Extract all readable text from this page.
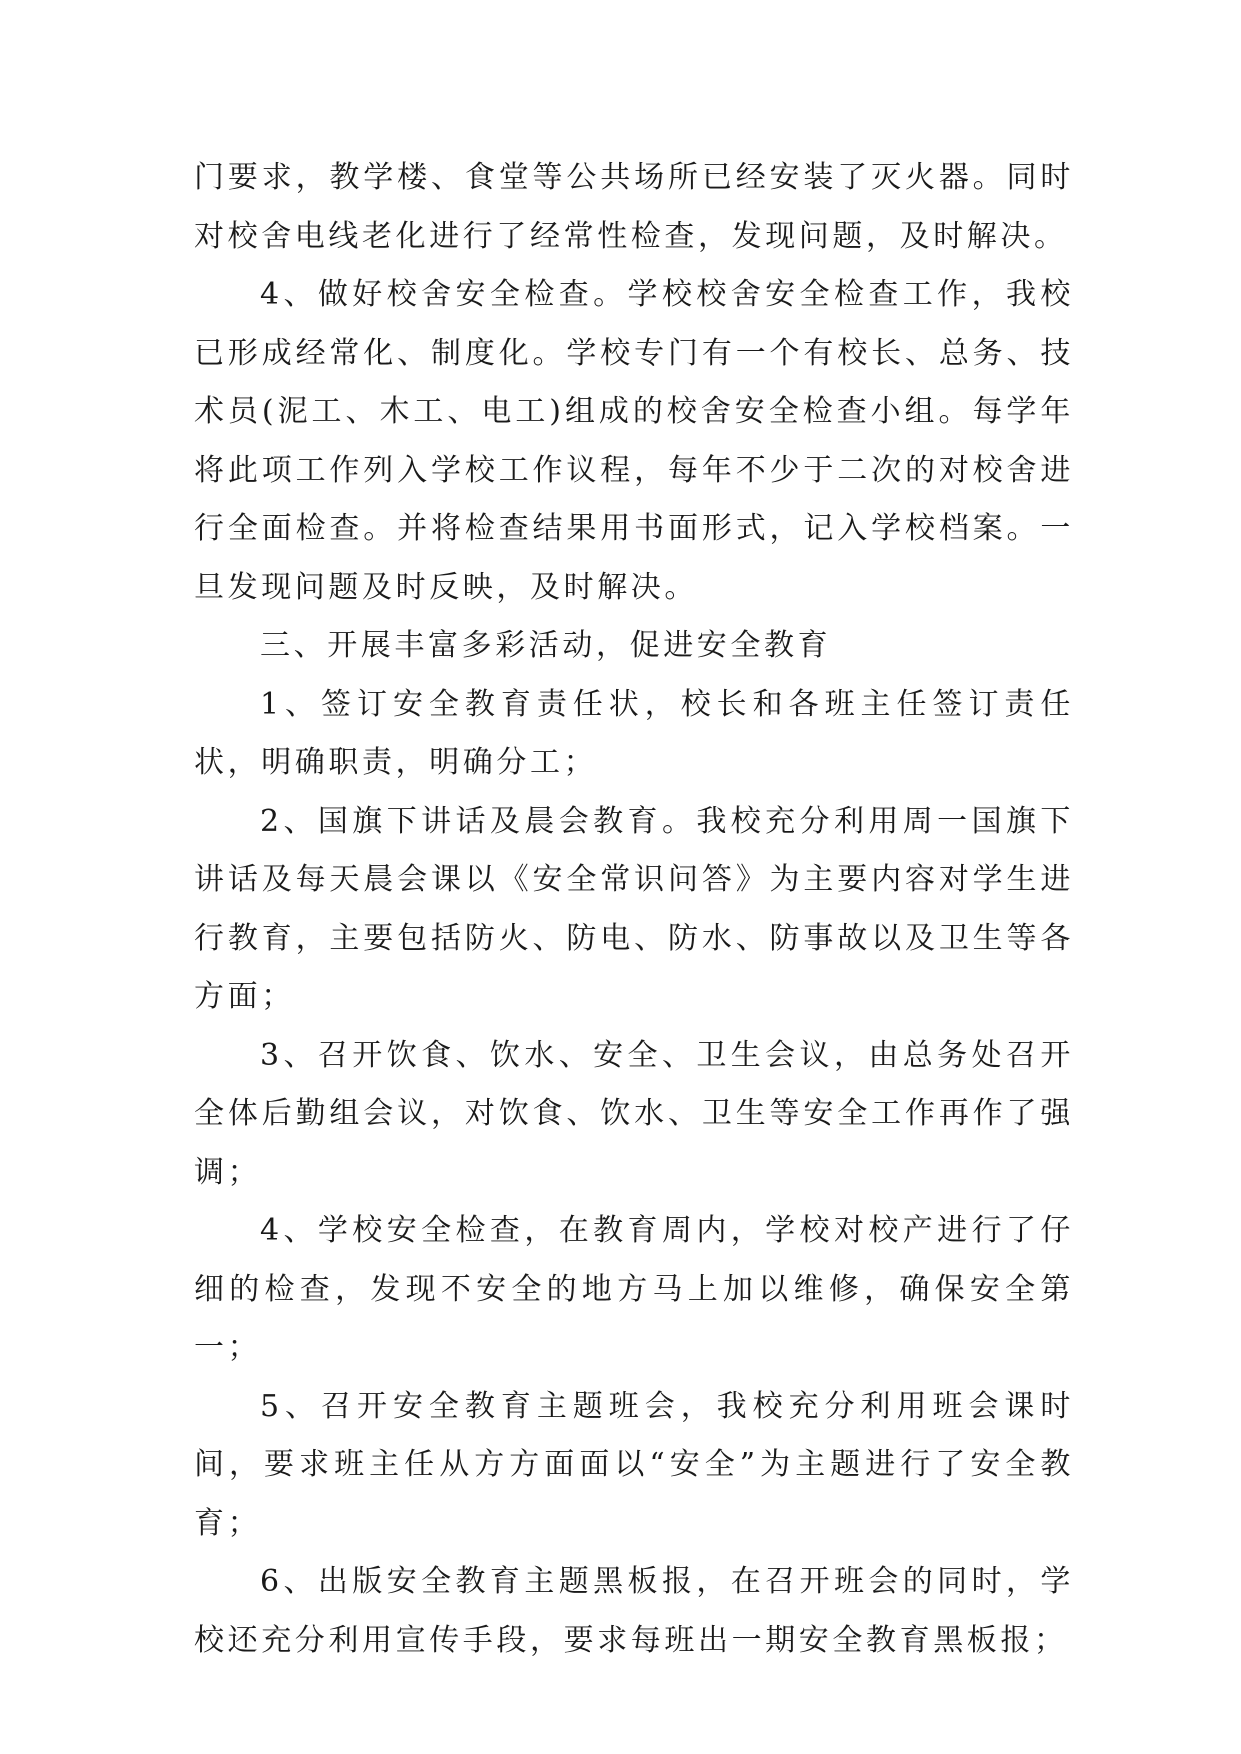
门要求，教学楼、食堂等公共场所已经安装了灭火器。同时对校舍电线老化进行了经常性检查，发现问题，及时解决。

4、做好校舍安全检查。学校校舍安全检查工作，我校已形成经常化、制度化。学校专门有一个有校长、总务、技术员(泥工、木工、电工)组成的校舍安全检查小组。每学年将此项工作列入学校工作议程，每年不少于二次的对校舍进行全面检查。并将检查结果用书面形式，记入学校档案。一旦发现问题及时反映，及时解决。

三、开展丰富多彩活动，促进安全教育

1、签订安全教育责任状，校长和各班主任签订责任状，明确职责，明确分工；

2、国旗下讲话及晨会教育。我校充分利用周一国旗下讲话及每天晨会课以《安全常识问答》为主要内容对学生进行教育，主要包括防火、防电、防水、防事故以及卫生等各方面；

3、召开饮食、饮水、安全、卫生会议，由总务处召开全体后勤组会议，对饮食、饮水、卫生等安全工作再作了强调；

4、学校安全检查，在教育周内，学校对校产进行了仔细的检查，发现不安全的地方马上加以维修，确保安全第一；

5、召开安全教育主题班会，我校充分利用班会课时间，要求班主任从方方面面以“安全”为主题进行了安全教育；

6、出版安全教育主题黑板报，在召开班会的同时，学校还充分利用宣传手段，要求每班出一期安全教育黑板报；
